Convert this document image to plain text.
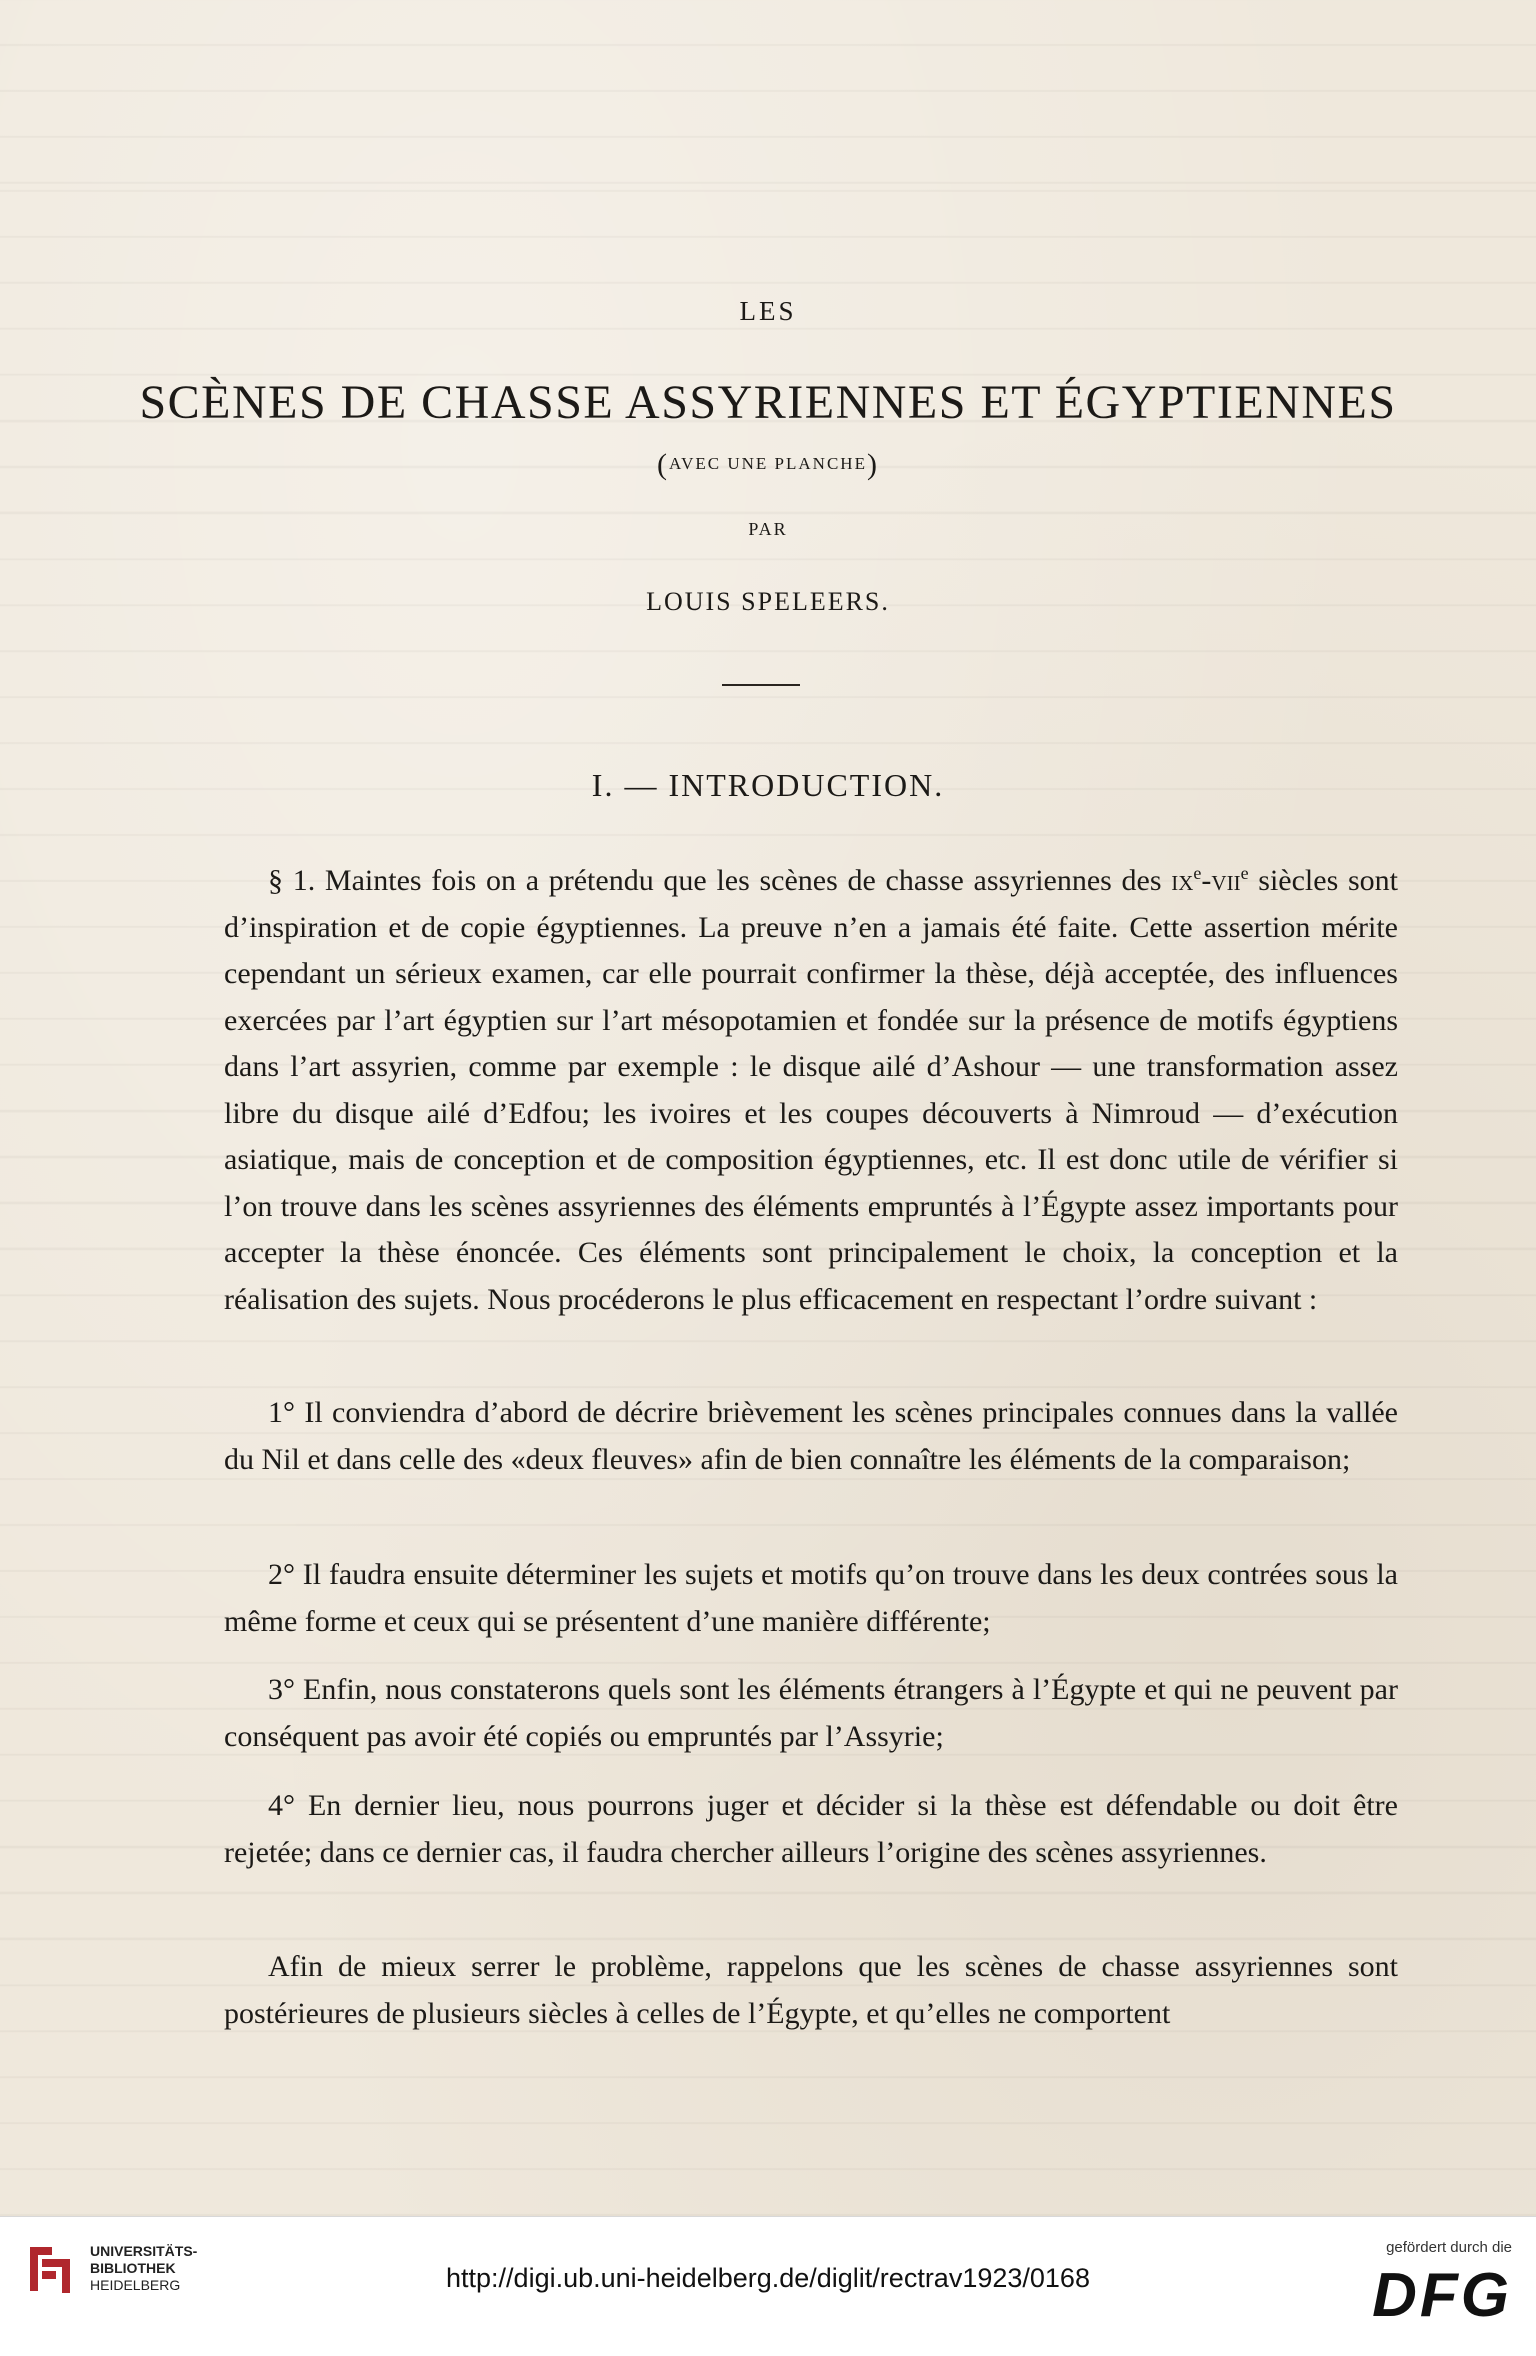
LES
SCÈNES DE CHASSE ASSYRIENNES ET ÉGYPTIENNES
(AVEC UNE PLANCHE)
PAR
LOUIS SPELEERS.
I. — INTRODUCTION.

§ 1. Maintes fois on a prétendu que les scènes de chasse assyriennes des $ix^e-vii^e$ siècles sont d’inspiration et de copie égyptiennes. La preuve n’en a jamais été faite. Cette assertion mérite cependant un sérieux examen, car elle pourrait confirmer la thèse, déjà acceptée, des influences exercées par l’art égyptien sur l’art mésopotamien et fondée sur la présence de motifs égyptiens dans l’art assyrien, comme par exemple : le disque ailé d’Ashour — une transformation assez libre du disque ailé d’Edfou; les ivoires et les coupes découverts à Nimroud — d’exécution asiatique, mais de conception et de composition égyptiennes, etc. Il est donc utile de vérifier si l’on trouve dans les scènes assyriennes des éléments empruntés à l’Égypte assez importants pour accepter la thèse énoncée. Ces éléments sont principalement le choix, la conception et la réalisation des sujets. Nous procéderons le plus efficacement en respectant l’ordre suivant :

1° Il conviendra d’abord de décrire brièvement les scènes principales connues dans la vallée du Nil et dans celle des «deux fleuves» afin de bien connaître les éléments de la comparaison;

2° Il faudra ensuite déterminer les sujets et motifs qu’on trouve dans les deux contrées sous la même forme et ceux qui se présentent d’une manière différente;

3° Enfin, nous constaterons quels sont les éléments étrangers à l’Égypte et qui ne peuvent par conséquent pas avoir été copiés ou empruntés par l’Assyrie;

4° En dernier lieu, nous pourrons juger et décider si la thèse est défendable ou doit être rejetée; dans ce dernier cas, il faudra chercher ailleurs l’origine des scènes assyriennes.

Afin de mieux serrer le problème, rappelons que les scènes de chasse assyriennes sont postérieures de plusieurs siècles à celles de l’Égypte, et qu’elles ne comportent

UNIVERSITÄTS-
BIBLIOTHEK
HEIDELBERG	http://digi.ub.uni-heidelberg.de/diglit/rectrav1923/0168
gefördert durch die
DFG
